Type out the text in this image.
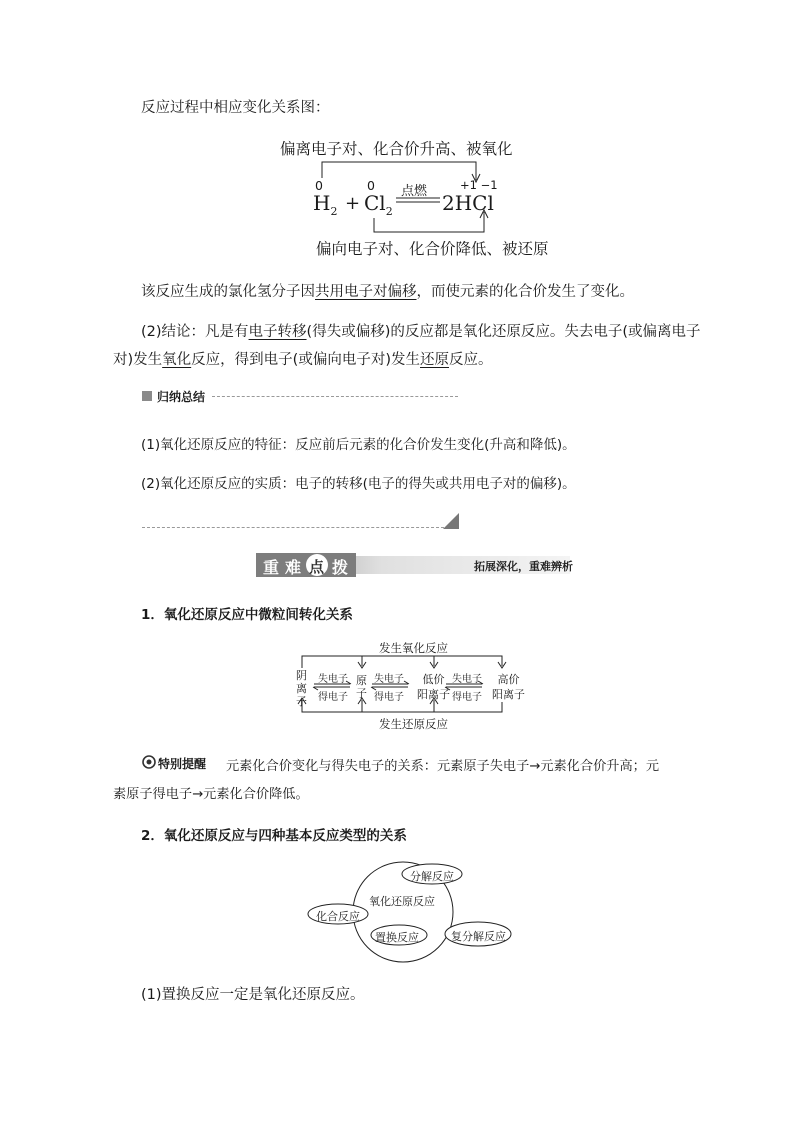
反应过程中相应变化关系图：
偏离电子对、化合价升高、被氧化
0
$H_2$ +
0
$Cl_2$
点燃	+1 −1
2HCl
偏向电子对、化合价降低、被还原
该反应生成的氯化氢分子因共用电子对偏移，而使元素的化合价发生了变化。
(2)结论：凡是有电子转移(得失或偏移)的反应都是氧化还原反应。失去电子(或偏离电子
对)发生氧化反应，得到电子(或偏向电子对)发生还原反应。
归纳总结
(1)氧化还原反应的特征：反应前后元素的化合价发生变化(升高和降低)。
(2)氧化还原反应的实质：电子的转移(电子的得失或共用电子对的偏移)。
重 难 点 拨	拓展深化，重难辨析
1．氧化还原反应中微粒间转化关系
发生氧化反应
阴
离
子
原
子
低价
阳离子
高价
阳离子
失电子
得电子
失电子
得电子
失电子
得电子
发生还原反应
特别提醒 元素化合价变化与得失电子的关系：元素原子失电子→元素化合价升高；元
素原子得电子→元素化合价降低。
2．氧化还原反应与四种基本反应类型的关系
氧化还原反应
分解反应
化合反应
置换反应	复分解反应
(1)置换反应一定是氧化还原反应。
